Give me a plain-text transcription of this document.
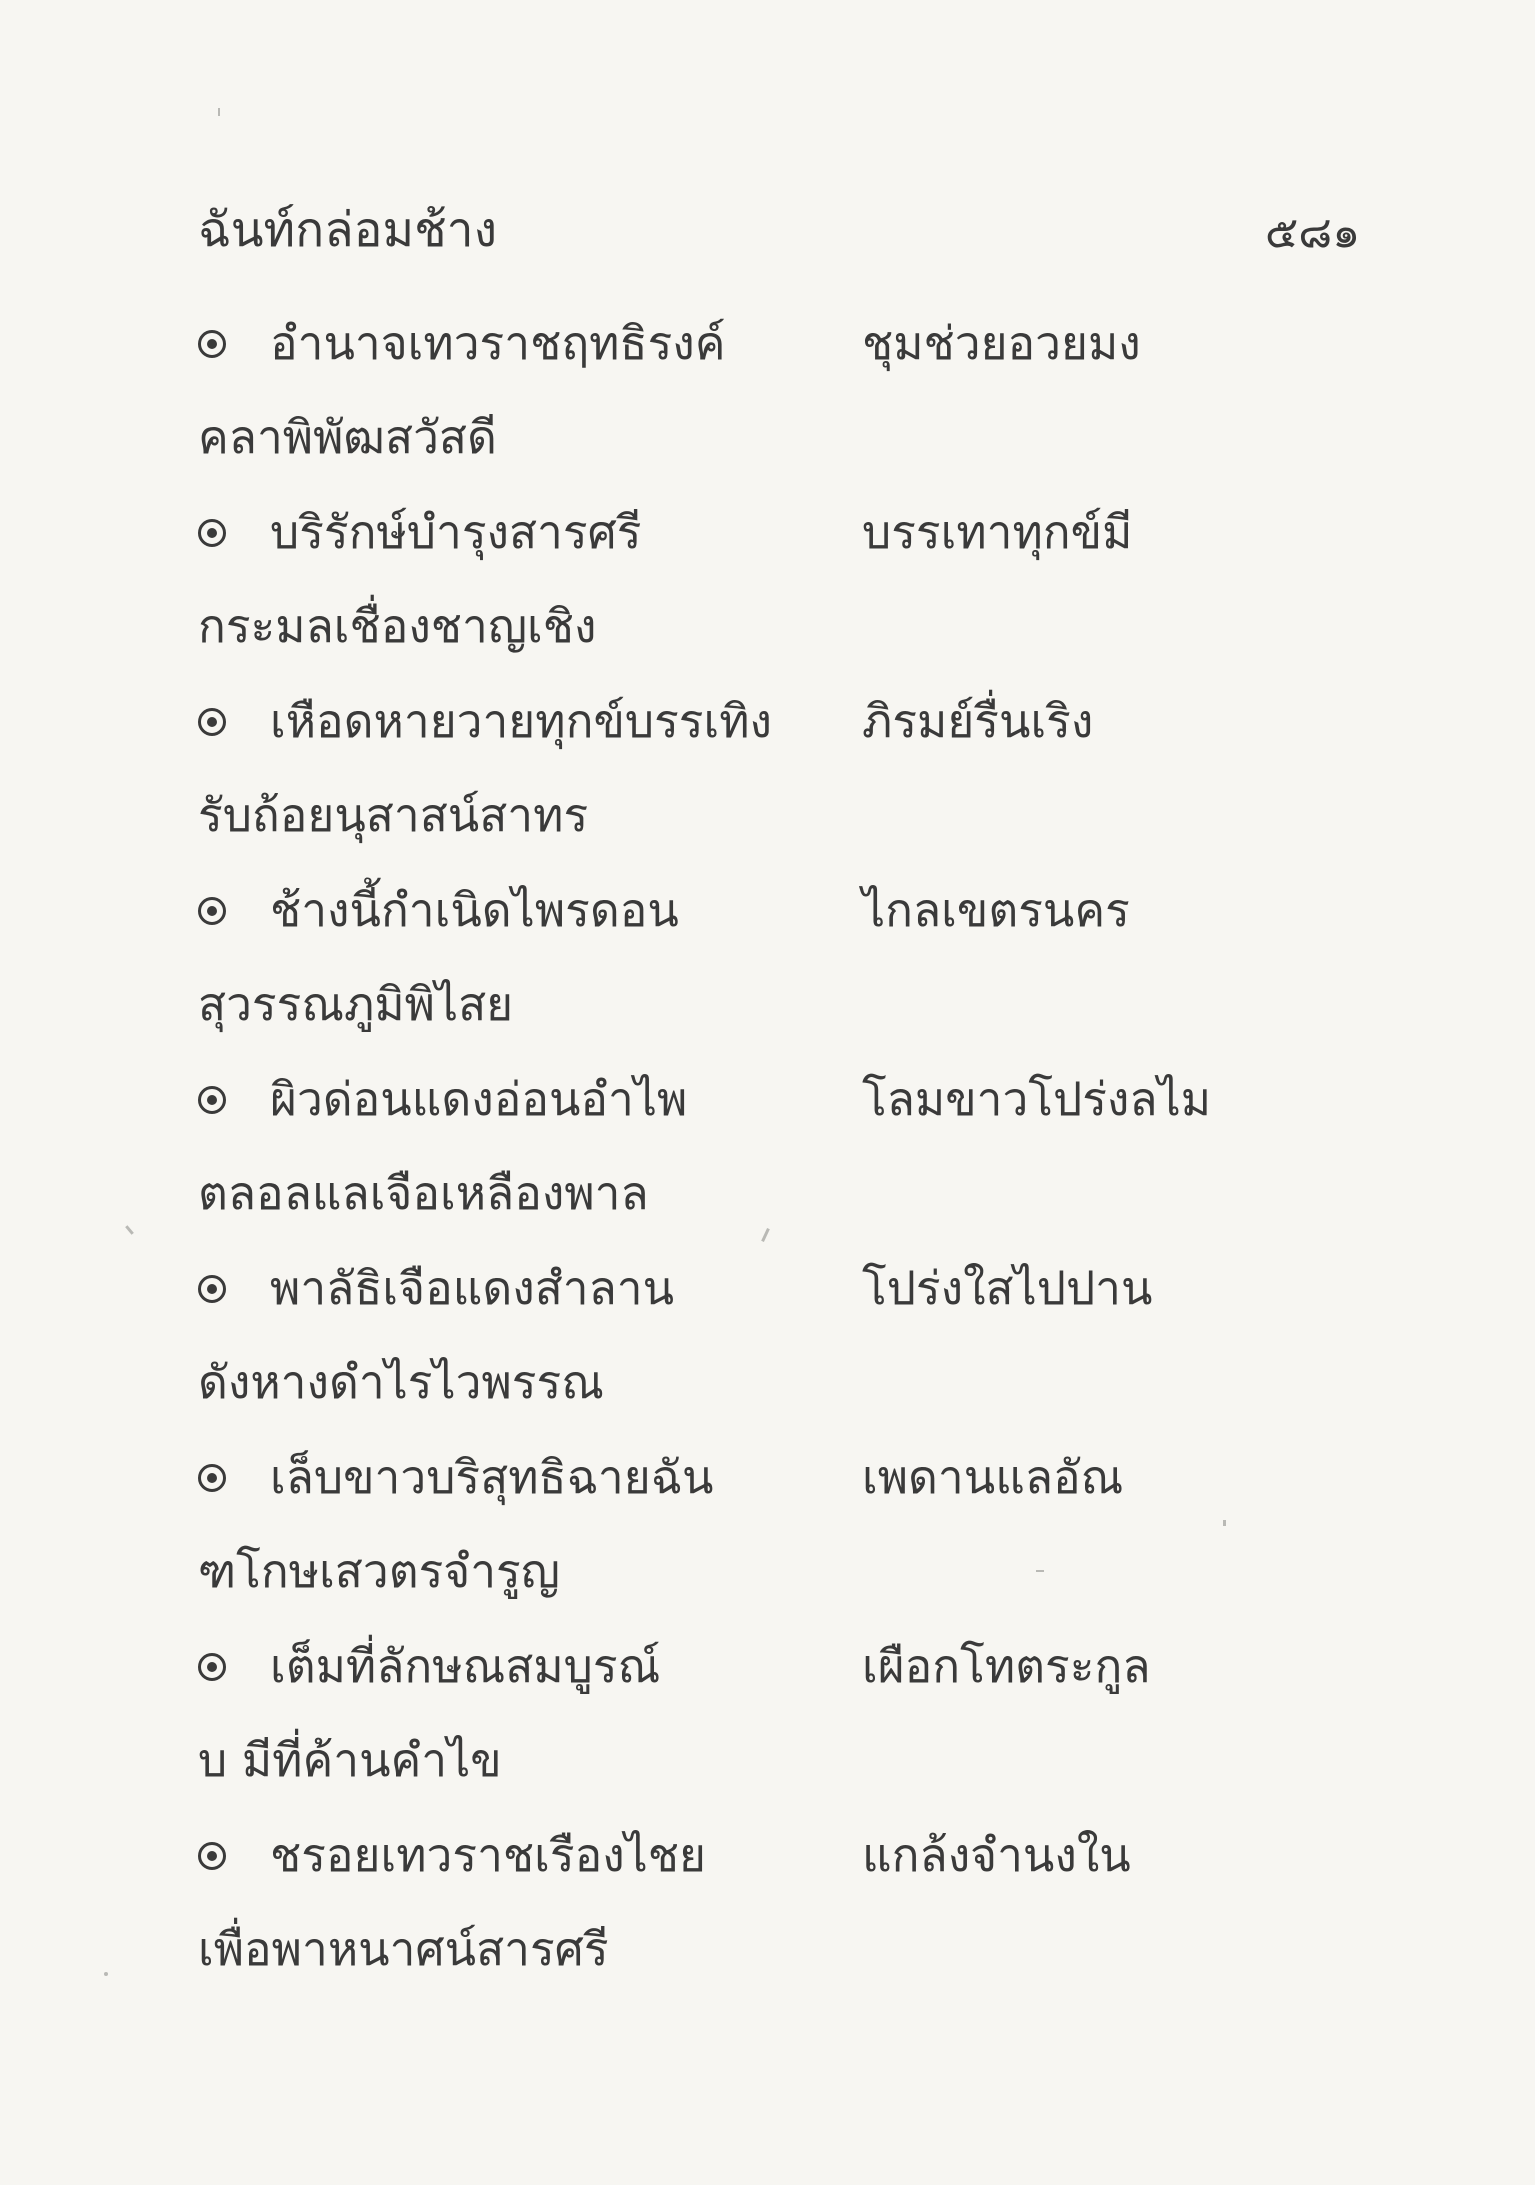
ฉันท์กล่อมช้าง	๕๘๑
อำนาจเทวราชฤทธิรงค์	ชุมช่วยอวยมง
คลาพิพัฒสวัสดี
บริรักษ์บำรุงสารศรี	บรรเทาทุกข์มี
กระมลเชื่องชาญเชิง
เหือดหายวายทุกข์บรรเทิง ภิรมย์รื่นเริง
รับถ้อยนุสาสน์สาทร
ช้างนี้กำเนิดไพรดอน	ไกลเขตรนคร
สุวรรณภูมิพิไสย
ผิวด่อนแดงอ่อนอำไพ	โลมขาวโปร่งลไม
ตลอลแลเจือเหลืองพาล
พาลัธิเจือแดงสำลาน	โปร่งใสไปปาน
ดังหางดำไรไวพรรณ
เล็บขาวบริสุทธิฉายฉัน	เพดานแลอัณ
ฑโกษเสวตรจำรูญ
เต็มที่ลักษณสมบูรณ์	เผือกโทตระกูล
บ มีที่ค้านคำไข
ชรอยเทวราชเรืองไชย	แกล้งจำนงใน
เพื่อพาหนาศน์สารศรี
